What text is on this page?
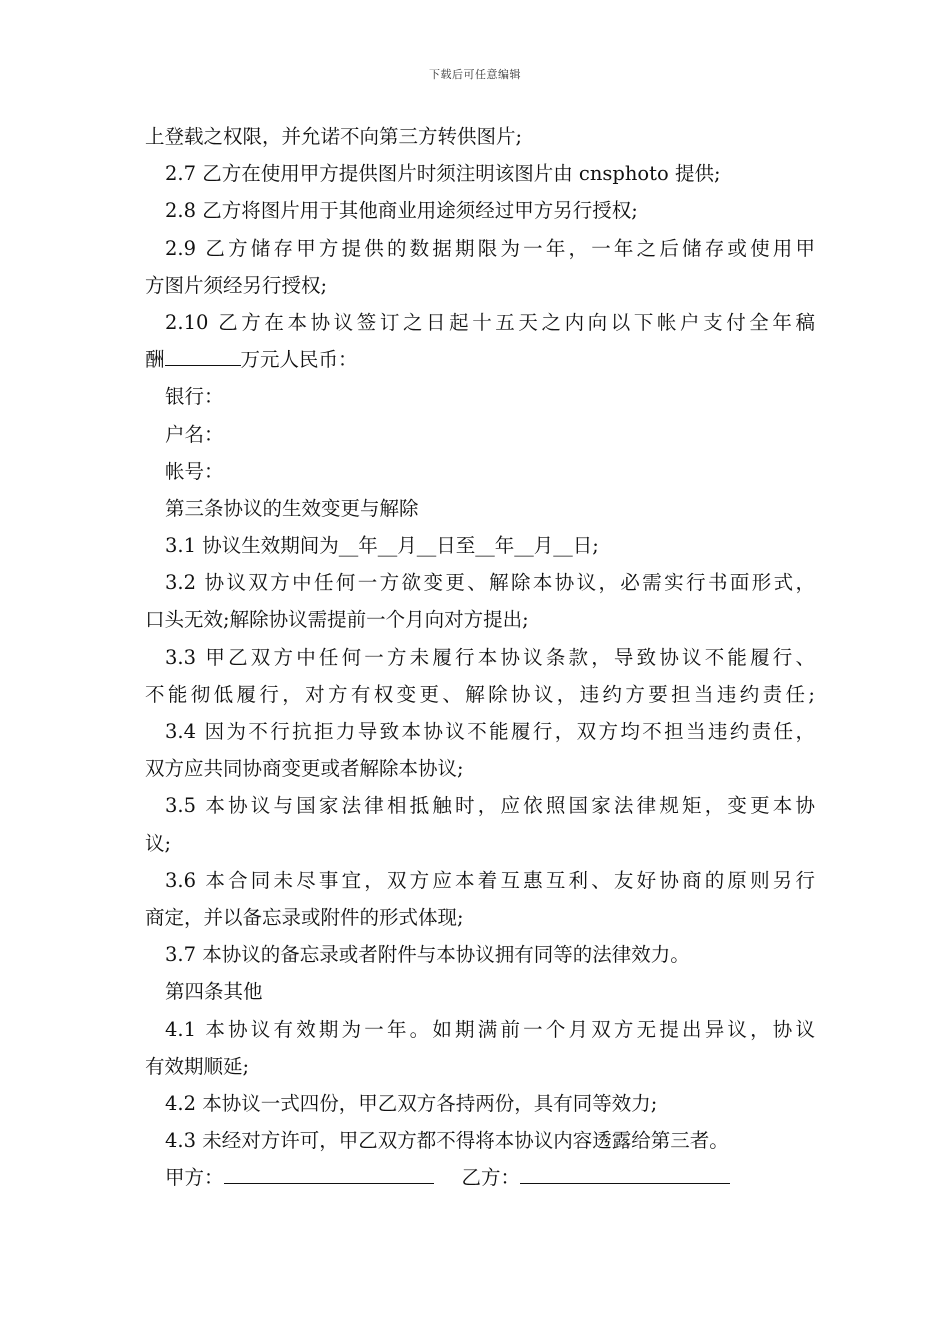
下载后可任意编辑
上登载之权限，并允诺不向第三方转供图片;
2.7 乙方在使用甲方提供图片时须注明该图片由 cnsphoto 提供;
2.8 乙方将图片用于其他商业用途须经过甲方另行授权;
2.9 乙方储存甲方提供的数据期限为一年，一年之后储存或使用甲
方图片须经另行授权;
2.10 乙方在本协议签订之日起十五天之内向以下帐户支付全年稿
酬	万元人民币：
银行：
户名：
帐号：
第三条协议的生效变更与解除
3.1 协议生效期间为__年__月__日至__年__月__日;
3.2 协议双方中任何一方欲变更、解除本协议，必需实行书面形式，
口头无效;解除协议需提前一个月向对方提出;
3.3 甲乙双方中任何一方未履行本协议条款，导致协议不能履行、
不能彻低履行，对方有权变更、解除协议，违约方要担当违约责任;
3.4 因为不行抗拒力导致本协议不能履行，双方均不担当违约责任，
双方应共同协商变更或者解除本协议;
3.5 本协议与国家法律相抵触时，应依照国家法律规矩，变更本协
议;
3.6 本合同未尽事宜，双方应本着互惠互利、友好协商的原则另行
商定，并以备忘录或附件的形式体现;
3.7 本协议的备忘录或者附件与本协议拥有同等的法律效力。
第四条其他
4.1 本协议有效期为一年。如期满前一个月双方无提出异议，协议
有效期顺延;
4.2 本协议一式四份，甲乙双方各持两份，具有同等效力;
4.3 未经对方许可，甲乙双方都不得将本协议内容透露给第三者。
甲方：	乙方：
